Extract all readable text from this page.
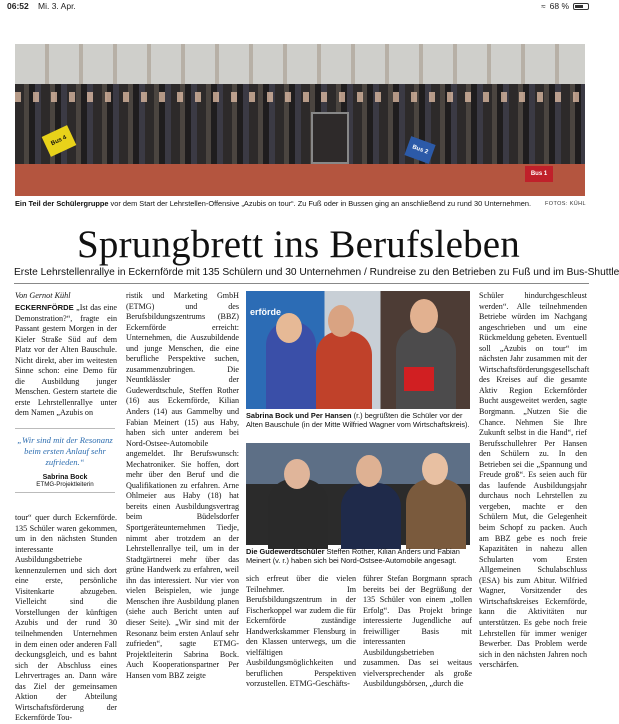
06:52 Mi. 3. Apr.	≈ 68 %
Bus 4
Bus 2
Bus 1
Ein Teil der Schülergruppe vor dem Start der Lehrstellen-Offensive „Azubis on tour“. Zu Fuß oder in Bussen ging an anschließend zu rund 30 Unternehmen.	FOTOS: KÜHL
Sprungbrett ins Berufsleben
Erste Lehrstellenrallye in Eckernförde mit 135 Schülern und 30 Unternehmen / Rundreise zu den Betrieben zu Fuß und im Bus-Shuttle
Von Gernot Kühl

ECKERNFÖRDE „Ist das eine Demonstration?“, fragte ein Passant gestern Morgen in der Kieler Straße Süd auf dem Platz vor der Alten Bauschule. Nicht direkt, aber im weitesten Sinne schon: eine Demo für die Ausbildung junger Menschen. Gestern startete die erste Lehrstellenrallye unter dem Namen „Azubis on

„Wir sind mit der Resonanz beim ersten Anlauf sehr zufrieden.“
Sabrina Bock
ETMG-Projektleiterin

tour“ quer durch Eckernförde. 135 Schüler waren gekommen, um in den nächsten Stunden interessante Ausbildungsbetriebe kennenzulernen und sich dort eine erste, persönliche Visitenkarte abzugeben. Vielleicht sind die Vorstellungen der künftigen Azubis und der rund 30 teilnehmenden Unternehmen in dem einen oder anderen Fall deckungsgleich, und es bahnt sich der Abschluss eines Lehrvertrages an. Dann wäre das Ziel der gemeinsamen Aktion der Abteilung Wirtschaftsförderung der Eckernförde Tou-

ristik und Marketing GmbH (ETMG) und des Berufsbildungszentrums (BBZ) Eckernförde erreicht: Unternehmen, die Auszubildende und junge Menschen, die eine berufliche Perspektive suchen, zusammenzubringen. Die Neuntklässler der Gudewerdtschule, Steffen Rother (16) aus Eckernförde, Kilian Anders (14) aus Gammelby und Fabian Meinert (15) aus Haby, haben sich unter anderem bei Nord-Ostsee-Automobile angemeldet. Ihr Berufswunsch: Mechatroniker. Sie hoffen, dort mehr über den Beruf und die Qualifikationen zu erfahren. Arne Ohlmeier aus Haby (18) hat bereits einen Ausbildungsvertrag beim Büdelsdorfer Sportgeräteunternehmen Tiedje, nimmt aber trotzdem an der Lehrstellenrallye teil, um in der Stadtgärtnerei mehr über das grüne Handwerk zu erfahren, weil ihn das interessiert. Nur vier von vielen Beispielen, wie junge Menschen ihre Ausbildung planen (siehe auch Bericht unten auf dieser Seite). „Wir sind mit der Resonanz beim ersten Anlauf sehr zufrieden“, sagte ETMG-Projektleiterin Sabrina Bock. Auch Kooperationspartner Per Hansen vom BBZ zeigte

erförde
Sabrina Bock und Per Hansen (r.) begrüßten die Schüler vor der Alten Bauschule (in der Mitte Wilfried Wagner vom Wirtschaftskreis).
Die Gudewerdtschüler Steffen Rother, Kilian Anders und Fabian Meinert (v. r.) haben sich bei Nord-Ostsee-Automobile angesagt.

sich erfreut über die vielen Teilnehmer. Im Berufsbildungszentrum in der Fischerkoppel war zudem die für Eckernförde zuständige Handwerkskammer Flensburg in den Klassen unterwegs, um die vielfältigen Ausbildungsmöglichkeiten und beruflichen Perspektiven vorzustellen. ETMG-Geschäfts-

führer Stefan Borgmann sprach bereits bei der Begrüßung der 135 Schüler von einem „tollen Erfolg“. Das Projekt bringe interessierte Jugendliche auf freiwilliger Basis mit interessanten Ausbildungsbetrieben zusammen. Das sei weitaus vielversprechender als große Ausbildungsbörsen, „durch die

Schüler hindurchgeschleust werden“. Alle teilnehmenden Betriebe würden im Nachgang angeschrieben und um eine Rückmeldung gebeten. Eventuell soll „Azubis on tour“ im nächsten Jahr zusammen mit der Wirtschaftsförderungsgesellschaft des Kreises auf die gesamte Aktiv Region Eckernförder Bucht ausgeweitet werden, sagte Borgmann. „Nutzen Sie die Chance. Nehmen Sie Ihre Zukunft selbst in die Hand“, rief Berufsschullehrer Per Hansen den Schülern zu. In den Betrieben sei die „Spannung und Freude groß“. Es seien auch für das laufende Ausbildungsjahr durchaus noch Lehrstellen zu vergeben, machte er den Schülern Mut, die Gelegenheit beim Schopf zu packen. Auch am BBZ gebe es noch freie Kapazitäten in nahezu allen Schularten vom Ersten Allgemeinen Schulabschluss (ESA) bis zum Abitur. Wilfried Wagner, Vorsitzender des Wirtschaftskreises Eckernförde, kann die Aktivitäten nur unterstützen. Es gebe noch freie Lehrstellen für immer weniger Bewerber. Das Problem werde sich in den nächsten Jahren noch verschärfen.
